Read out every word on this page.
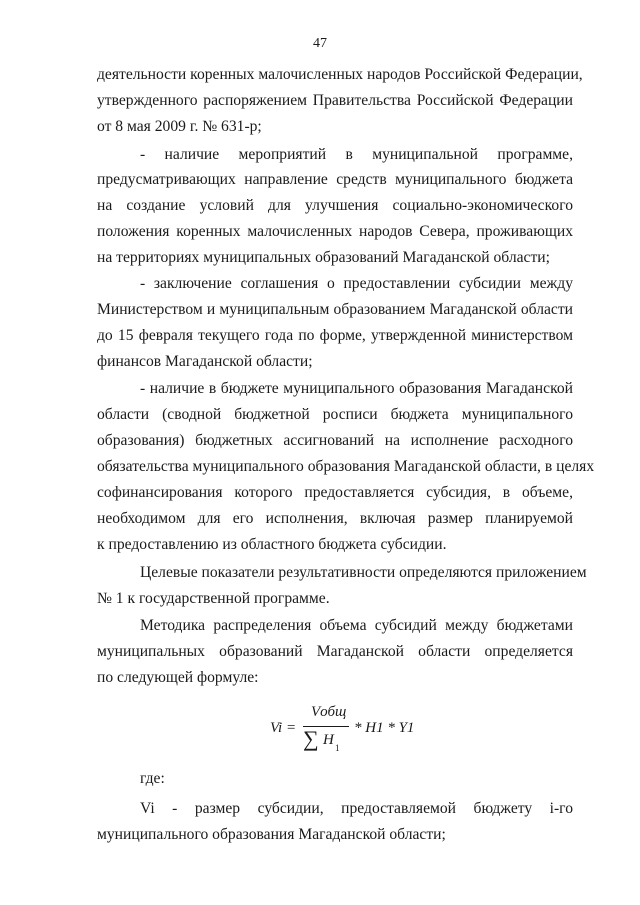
47
деятельности коренных малочисленных народов Российской Федерации,
утвержденного распоряжением Правительства Российской Федерации
от 8 мая 2009 г. № 631-р;
- наличие мероприятий в муниципальной программе,
предусматривающих направление средств муниципального бюджета
на создание условий для улучшения социально-экономического
положения коренных малочисленных народов Севера, проживающих
на территориях муниципальных образований Магаданской области;
- заключение соглашения о предоставлении субсидии между
Министерством и муниципальным образованием Магаданской области
до 15 февраля текущего года по форме, утвержденной министерством
финансов Магаданской области;
- наличие в бюджете муниципального образования Магаданской
области (сводной бюджетной росписи бюджета муниципального
образования) бюджетных ассигнований на исполнение расходного
обязательства муниципального образования Магаданской области, в целях
софинансирования которого предоставляется субсидия, в объеме,
необходимом для его исполнения, включая размер планируемой
к предоставлению из областного бюджета субсидии.
Целевые показатели результативности определяются приложением
№ 1 к государственной программе.
Методика распределения объема субсидий между бюджетами
муниципальных образований Магаданской области определяется
по следующей формуле:
Vi =
Vобщ
∑ H 1
* H1 * Y1
где:
Vi - размер субсидии, предоставляемой бюджету i-го
муниципального образования Магаданской области;
